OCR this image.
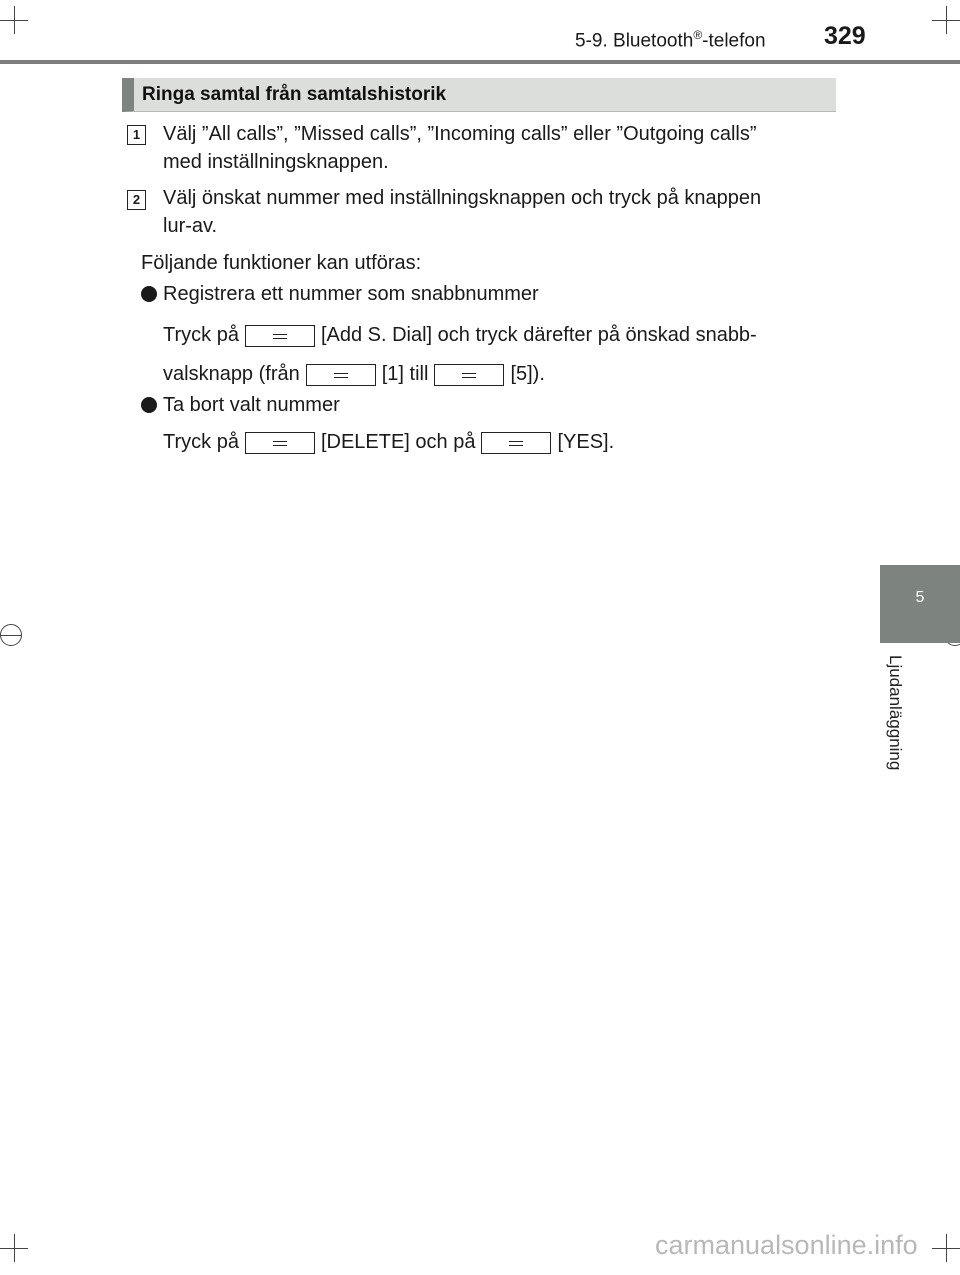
5-9. Bluetooth®-telefon 329
5
Ljudanläggning
Ringa samtal från samtalshistorik
1 Välj ”All calls”, ”Missed calls”, ”Incoming calls” eller ”Outgoing calls”
med inställningsknappen.
2 Välj önskat nummer med inställningsknappen och tryck på knappen
lur-av.
Följande funktioner kan utföras:
Registrera ett nummer som snabbnummer
Tryck på	[Add S. Dial] och tryck därefter på önskad snabb-
valsknapp (från	[1] till	[5]).
Ta bort valt nummer
Tryck på	[DELETE] och på	[YES].
carmanualsonline.info
